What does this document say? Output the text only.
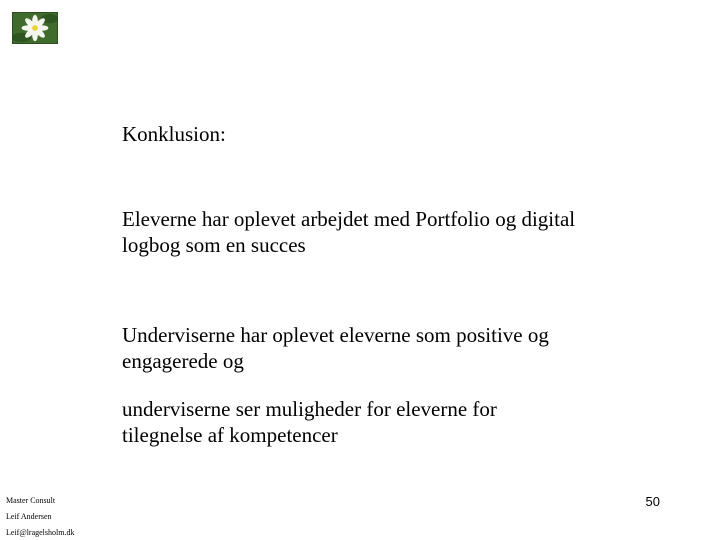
Konklusion:
Eleverne har oplevet arbejdet med Portfolio og digital
logbog som en succes
Underviserne har oplevet eleverne som positive og
engagerede og
underviserne ser muligheder for eleverne for
tilegnelse af kompetencer
Master Consult
Leif Andersen
Leif@lragelsholm.dk
50
